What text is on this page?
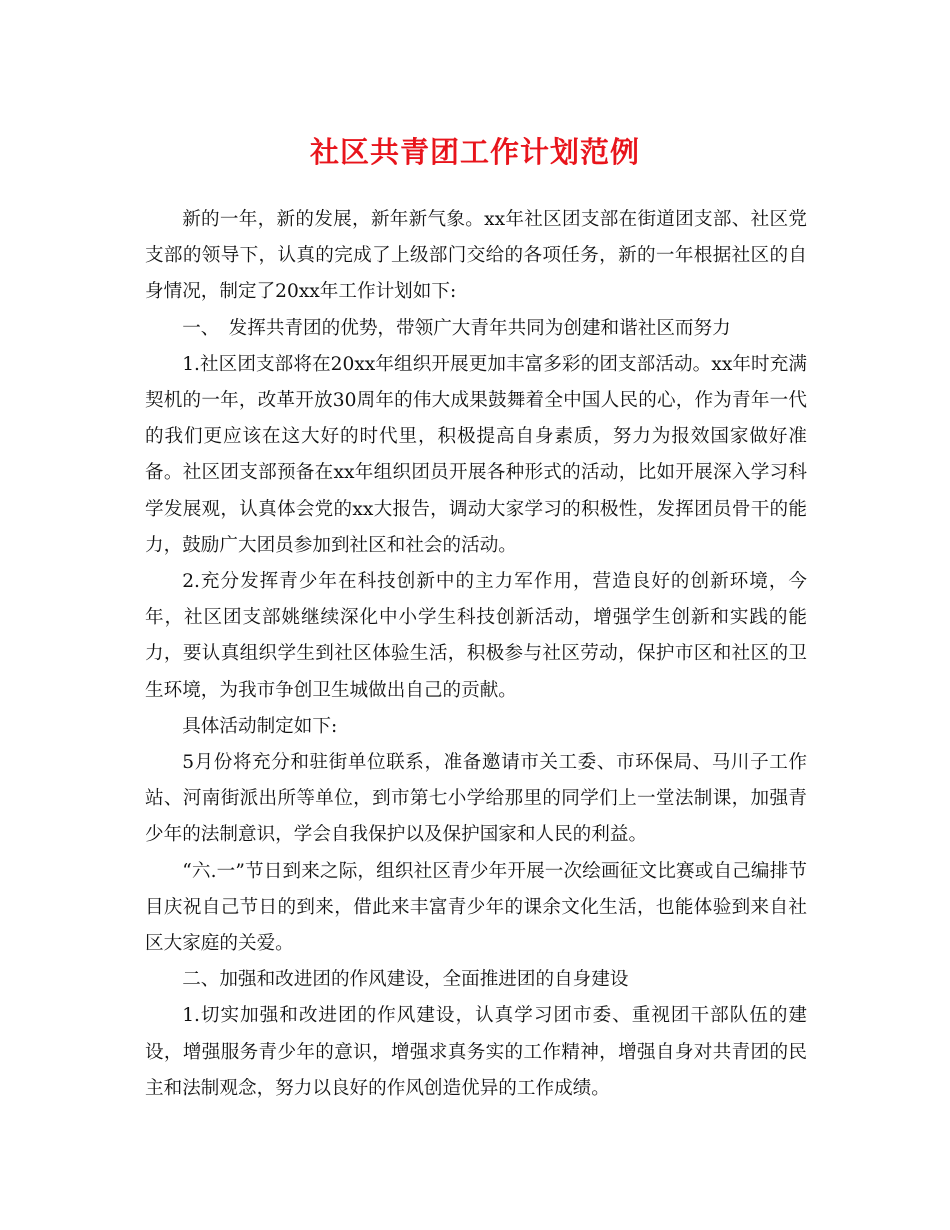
社区共青团工作计划范例

新的一年，新的发展，新年新气象。xx年社区团支部在街道团支部、社区党支部的领导下，认真的完成了上级部门交给的各项任务，新的一年根据社区的自身情况，制定了20xx年工作计划如下:

一、　发挥共青团的优势，带领广大青年共同为创建和谐社区而努力

1.社区团支部将在20xx年组织开展更加丰富多彩的团支部活动。xx年时充满契机的一年，改革开放30周年的伟大成果鼓舞着全中国人民的心，作为青年一代的我们更应该在这大好的时代里，积极提高自身素质，努力为报效国家做好准备。社区团支部预备在xx年组织团员开展各种形式的活动，比如开展深入学习科学发展观，认真体会党的xx大报告，调动大家学习的积极性，发挥团员骨干的能力，鼓励广大团员参加到社区和社会的活动。

2.充分发挥青少年在科技创新中的主力军作用，营造良好的创新环境，今年，社区团支部姚继续深化中小学生科技创新活动，增强学生创新和实践的能力，要认真组织学生到社区体验生活，积极参与社区劳动，保护市区和社区的卫生环境，为我市争创卫生城做出自己的贡献。

具体活动制定如下:

5月份将充分和驻街单位联系，准备邀请市关工委、市环保局、马川子工作站、河南街派出所等单位，到市第七小学给那里的同学们上一堂法制课，加强青少年的法制意识，学会自我保护以及保护国家和人民的利益。

“六.一”节日到来之际，组织社区青少年开展一次绘画征文比赛或自己编排节目庆祝自己节日的到来，借此来丰富青少年的课余文化生活，也能体验到来自社区大家庭的关爱。

二、加强和改进团的作风建设，全面推进团的自身建设

1.切实加强和改进团的作风建设，认真学习团市委、重视团干部队伍的建设，增强服务青少年的意识，增强求真务实的工作精神，增强自身对共青团的民主和法制观念，努力以良好的作风创造优异的工作成绩。
